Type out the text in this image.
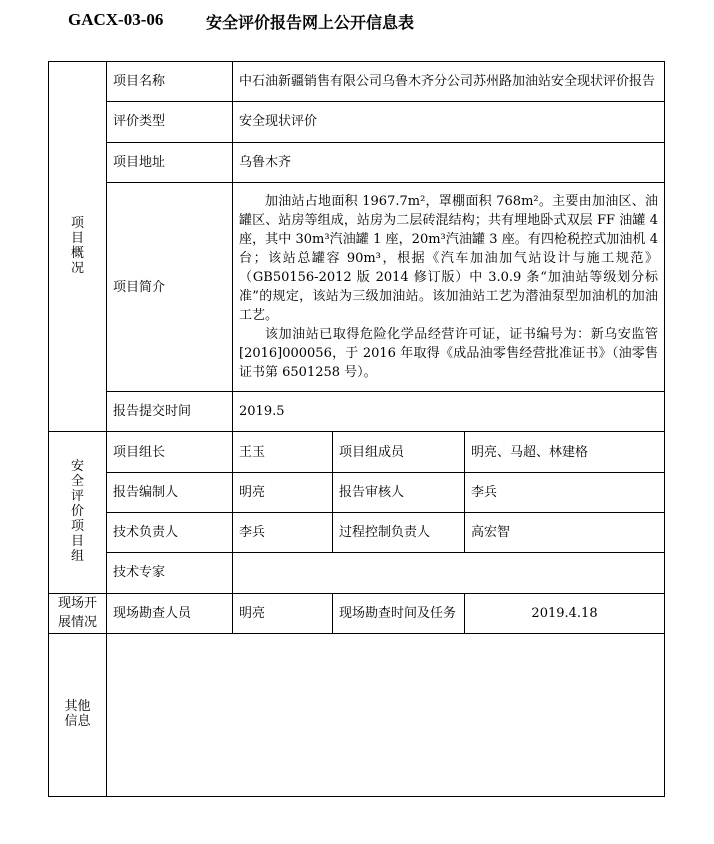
GACX-03-06	安全评价报告网上公开信息表
项目概况	项目名称	中石油新疆销售有限公司乌鲁木齐分公司苏州路加油站安全现状评价报告		
	评价类型	安全现状评价		
	项目地址	乌鲁木齐		
	项目简介	加油站占地面积 1967.7m²，罩棚面积 768m²。主要由加油区、油罐区、站房等组成，站房为二层砖混结构；共有埋地卧式双层 FF 油罐 4 座，其中 30m³汽油罐 1 座，20m³汽油罐 3 座。有四枪税控式加油机 4 台；该站总罐容 90m³，根据《汽车加油加气站设计与施工规范》（GB50156-2012 版 2014 修订版）中 3.0.9 条“加油站等级划分标准”的规定，该站为三级加油站。该加油站工艺为潜油泵型加油机的加油工艺。

该加油站已取得危险化学品经营许可证，证书编号为：新乌安监管[2016]000056，于 2016 年取得《成品油零售经营批准证书》（油零售证书第 6501258 号）。		

	报告提交时间	2019.5		
安全评价项目组	项目组长	王玉	项目组成员	明亮、马超、林建格
	报告编制人	明亮	报告审核人	李兵
	技术负责人	李兵	过程控制负责人	高宏智
	技术专家			
现场开展情况	现场勘查人员	明亮	现场勘查时间及任务	2019.4.18
其他信息				
